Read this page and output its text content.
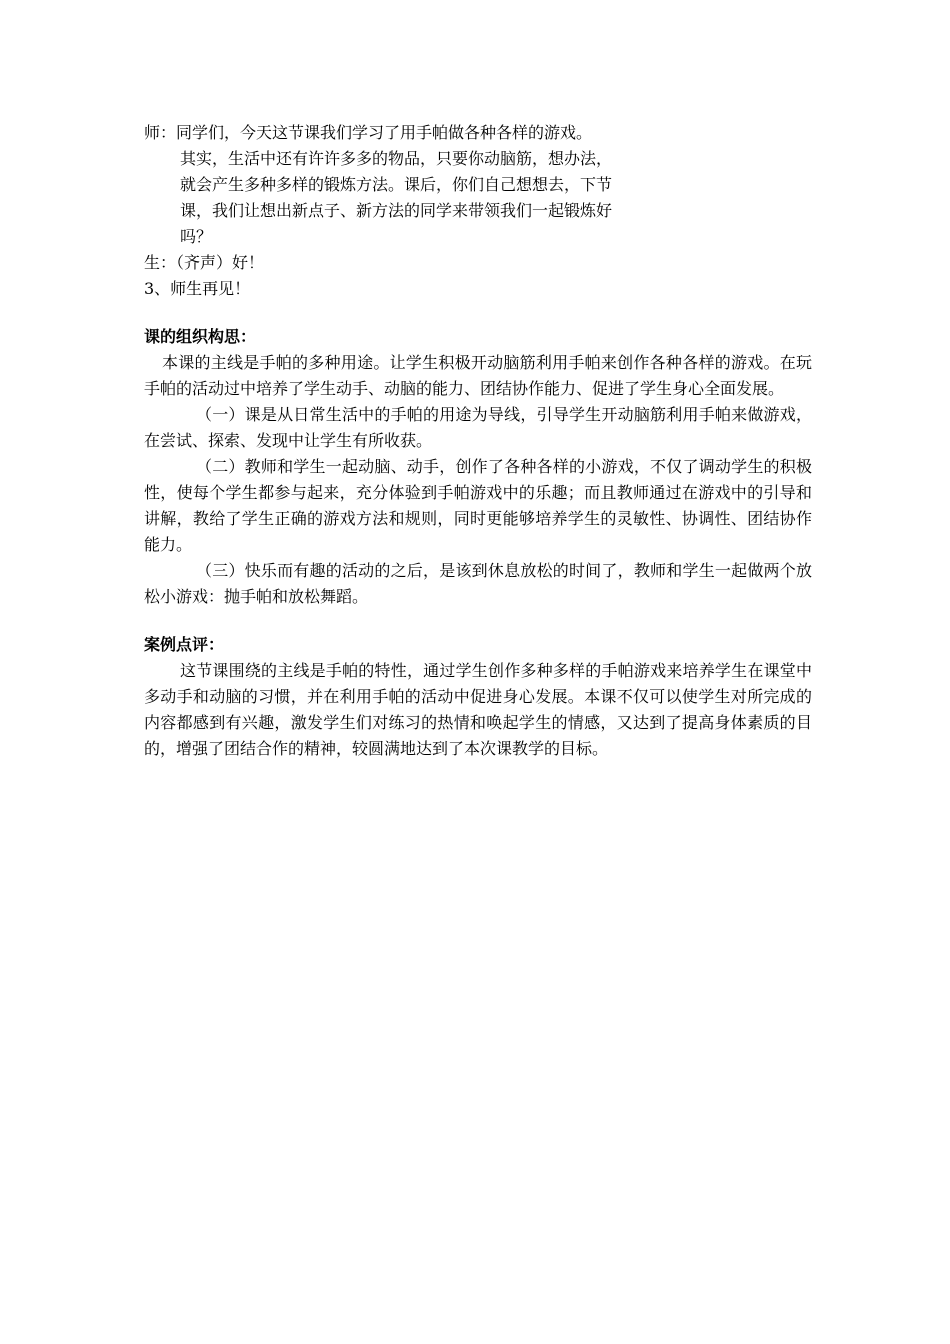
师：同学们，今天这节课我们学习了用手帕做各种各样的游戏。
其实，生活中还有许许多多的物品，只要你动脑筋，想办法，
就会产生多种多样的锻炼方法。课后，你们自己想想去，下节
课，我们让想出新点子、新方法的同学来带领我们一起锻炼好
吗？
生：（齐声）好！
3、师生再见！
课的组织构思：
本课的主线是手帕的多种用途。让学生积极开动脑筋利用手帕来创作各种各样的游戏。在玩手帕的活动过中培养了学生动手、动脑的能力、团结协作能力、促进了学生身心全面发展。
（一）课是从日常生活中的手帕的用途为导线，引导学生开动脑筋利用手帕来做游戏，在尝试、探索、发现中让学生有所收获。
（二）教师和学生一起动脑、动手，创作了各种各样的小游戏，不仅了调动学生的积极性，使每个学生都参与起来，充分体验到手帕游戏中的乐趣；而且教师通过在游戏中的引导和讲解，教给了学生正确的游戏方法和规则，同时更能够培养学生的灵敏性、协调性、团结协作能力。
（三）快乐而有趣的活动的之后，是该到休息放松的时间了，教师和学生一起做两个放松小游戏：抛手帕和放松舞蹈。
案例点评：
这节课围绕的主线是手帕的特性，通过学生创作多种多样的手帕游戏来培养学生在课堂中多动手和动脑的习惯，并在利用手帕的活动中促进身心发展。本课不仅可以使学生对所完成的内容都感到有兴趣，激发学生们对练习的热情和唤起学生的情感，又达到了提高身体素质的目的，增强了团结合作的精神，较圆满地达到了本次课教学的目标。
